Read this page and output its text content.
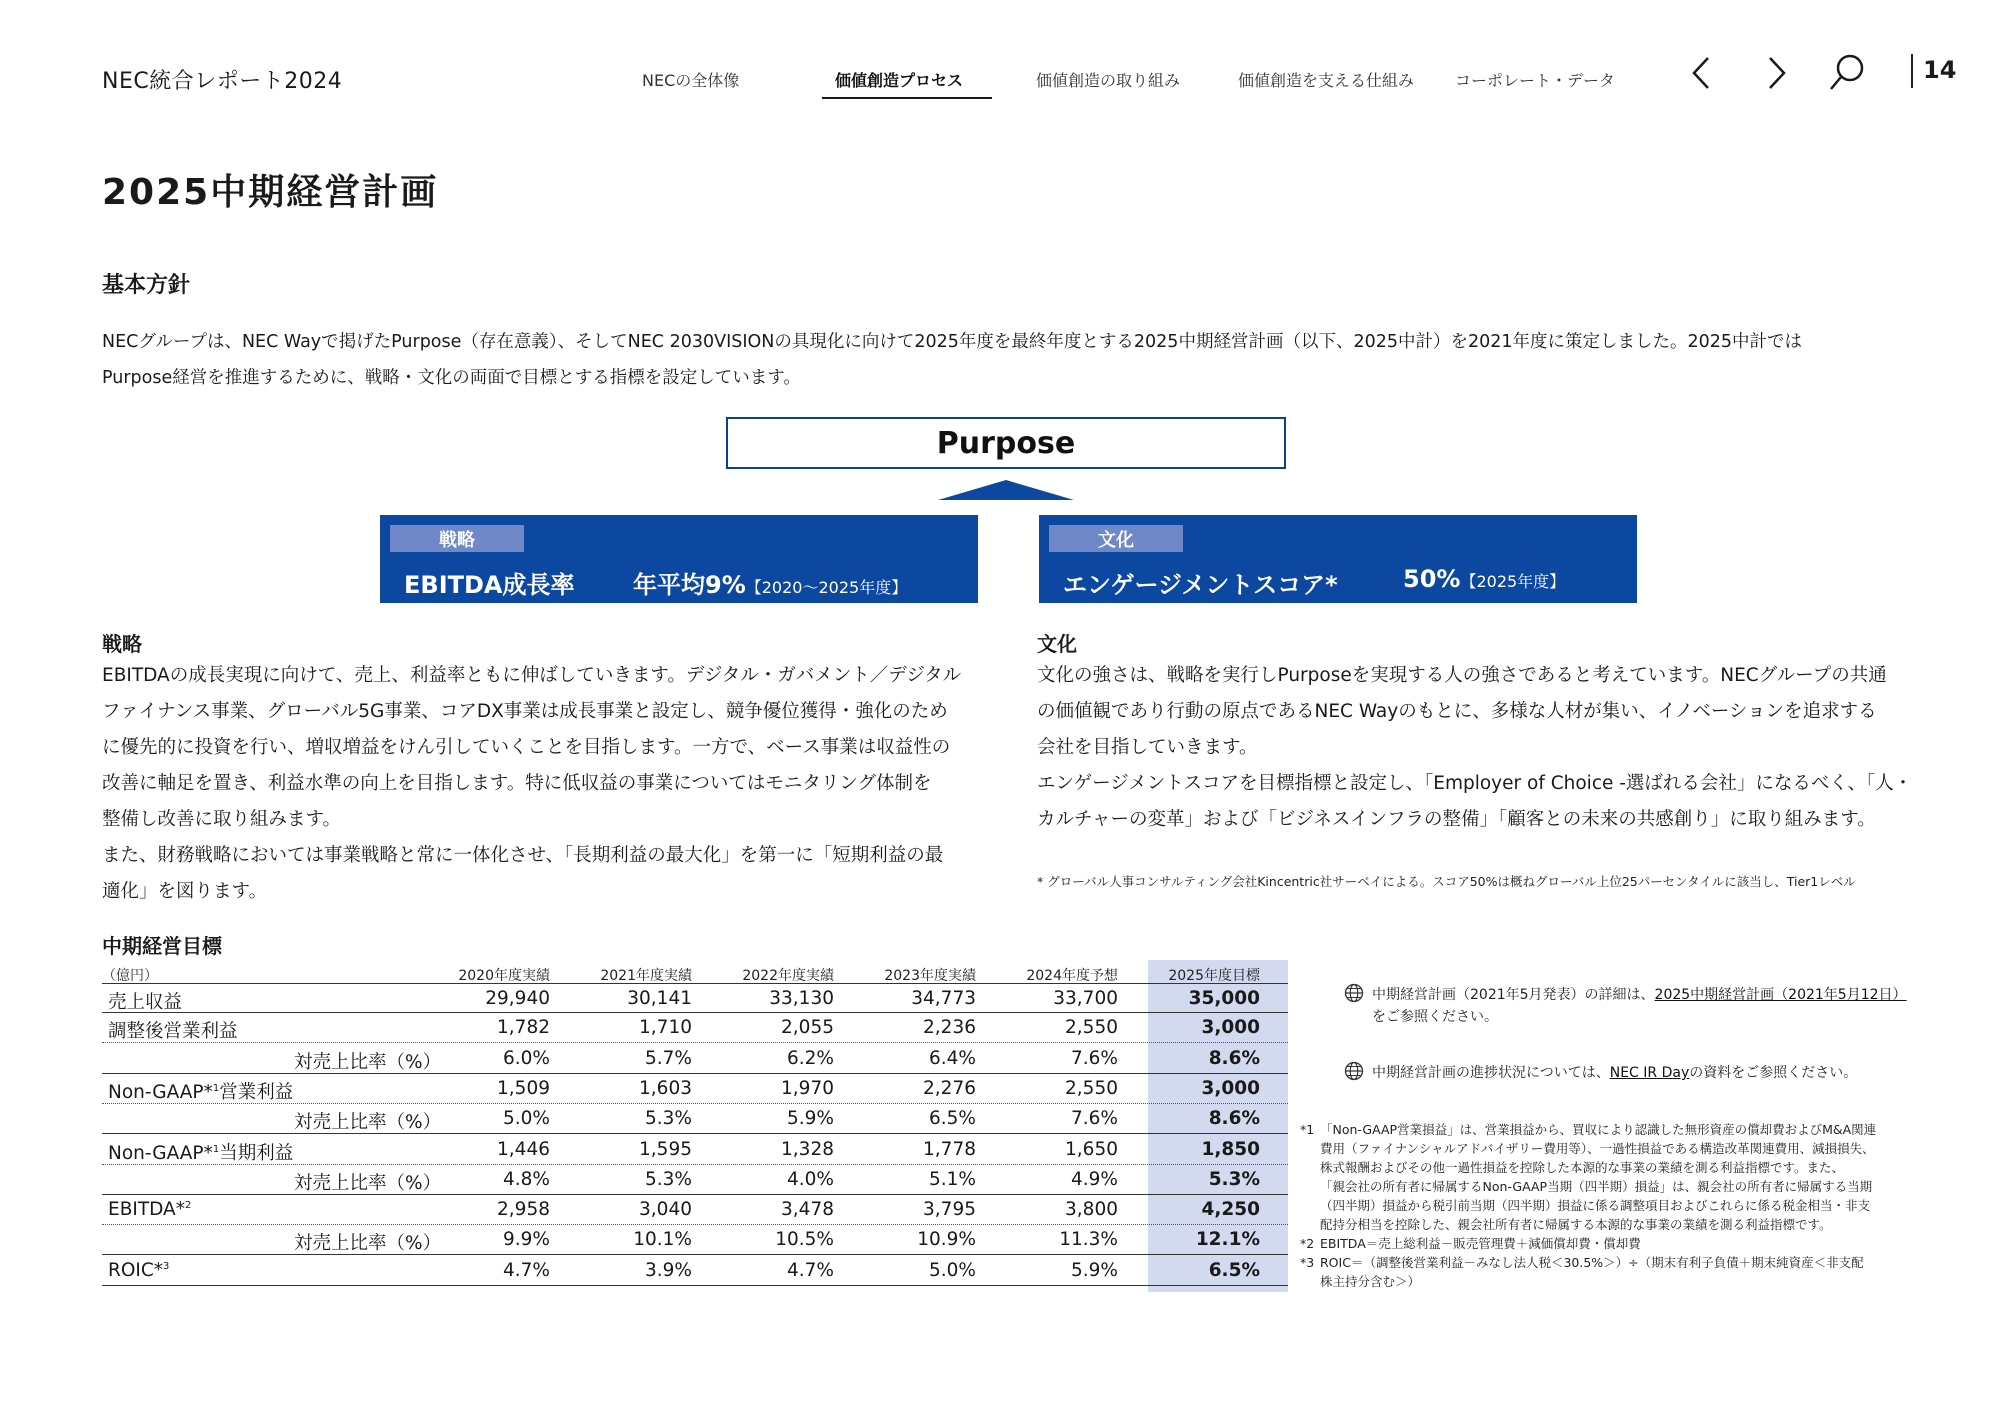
NEC統合レポート2024	NECの全体像	価値創造プロセス	価値創造の取り組み	価値創造を支える仕組み	コーポレート・データ	14
2025中期経営計画
基本方針
NECグループは、NEC Wayで掲げたPurpose（存在意義）、そしてNEC 2030VISIONの具現化に向けて2025年度を最終年度とする2025中期経営計画（以下、2025中計）を2021年度に策定しました。2025中計では
Purpose経営を推進するために、戦略・文化の両面で目標とする指標を設定しています。
Purpose
戦略
EBITDA成長率 年平均9%【2020～2025年度】
文化
エンゲージメントスコア*	50%【2025年度】
戦略
EBITDAの成長実現に向けて、売上、利益率ともに伸ばしていきます。デジタル・ガバメント／デジタル
ファイナンス事業、グローバル5G事業、コアDX事業は成長事業と設定し、競争優位獲得・強化のため
に優先的に投資を行い、増収増益をけん引していくことを目指します。一方で、ベース事業は収益性の
改善に軸足を置き、利益水準の向上を目指します。特に低収益の事業についてはモニタリング体制を
整備し改善に取り組みます。
また、財務戦略においては事業戦略と常に一体化させ、「長期利益の最大化」を第一に「短期利益の最
適化」を図ります。
文化
文化の強さは、戦略を実行しPurposeを実現する人の強さであると考えています。NECグループの共通
の価値観であり行動の原点であるNEC Wayのもとに、多様な人材が集い、イノベーションを追求する
会社を目指していきます。
エンゲージメントスコアを目標指標と設定し、「Employer of Choice -選ばれる会社」になるべく、「人・
カルチャーの変革」および「ビジネスインフラの整備」「顧客との未来の共感創り」に取り組みます。
* グローバル人事コンサルティング会社Kincentric社サーベイによる。スコア50%は概ねグローバル上位25パーセンタイルに該当し、Tier1レベル
中期経営目標
（億円）	2020年度実績	2021年度実績	2022年度実績	2023年度実績	2024年度予想	2025年度目標
売上収益	29,940	30,141	33,130	34,773	33,700	35,000
調整後営業利益	1,782	1,710	2,055	2,236	2,550	3,000
対売上比率（%）	6.0%	5.7%	6.2%	6.4%	7.6%	8.6%
Non-GAAP*$^1$営業利益	1,509	1,603	1,970	2,276	2,550	3,000
対売上比率（%）	5.0%	5.3%	5.9%	6.5%	7.6%	8.6%
Non-GAAP*$^1$当期利益	1,446	1,595	1,328	1,778	1,650	1,850
対売上比率（%）	4.8%	5.3%	4.0%	5.1%	4.9%	5.3%
EBITDA*$^2$	2,958	3,040	3,478	3,795	3,800	4,250
対売上比率（%）	9.9%	10.1%	10.5%	10.9%	11.3%	12.1%
ROIC*$^3$	4.7%	3.9%	4.7%	5.0%	5.9%	6.5%
中期経営計画（2021年5月発表）の詳細は、2025中期経営計画（2021年5月12日）
をご参照ください。
中期経営計画の進捗状況については、NEC IR Dayの資料をご参照ください。
*1 「Non-GAAP営業損益」は、営業損益から、買収により認識した無形資産の償却費およびM&A関連
費用（ファイナンシャルアドバイザリー費用等）、一過性損益である構造改革関連費用、減損損失、
株式報酬およびその他一過性損益を控除した本源的な事業の業績を測る利益指標です。また、
「親会社の所有者に帰属するNon-GAAP当期（四半期）損益」は、親会社の所有者に帰属する当期
（四半期）損益から税引前当期（四半期）損益に係る調整項目およびこれらに係る税金相当・非支
配持分相当を控除した、親会社所有者に帰属する本源的な事業の業績を測る利益指標です。
*2 EBITDA＝売上総利益－販売管理費＋減価償却費・償却費
*3 ROIC＝（調整後営業利益－みなし法人税＜30.5%＞）÷（期末有利子負債＋期末純資産＜非支配
株主持分含む＞）
